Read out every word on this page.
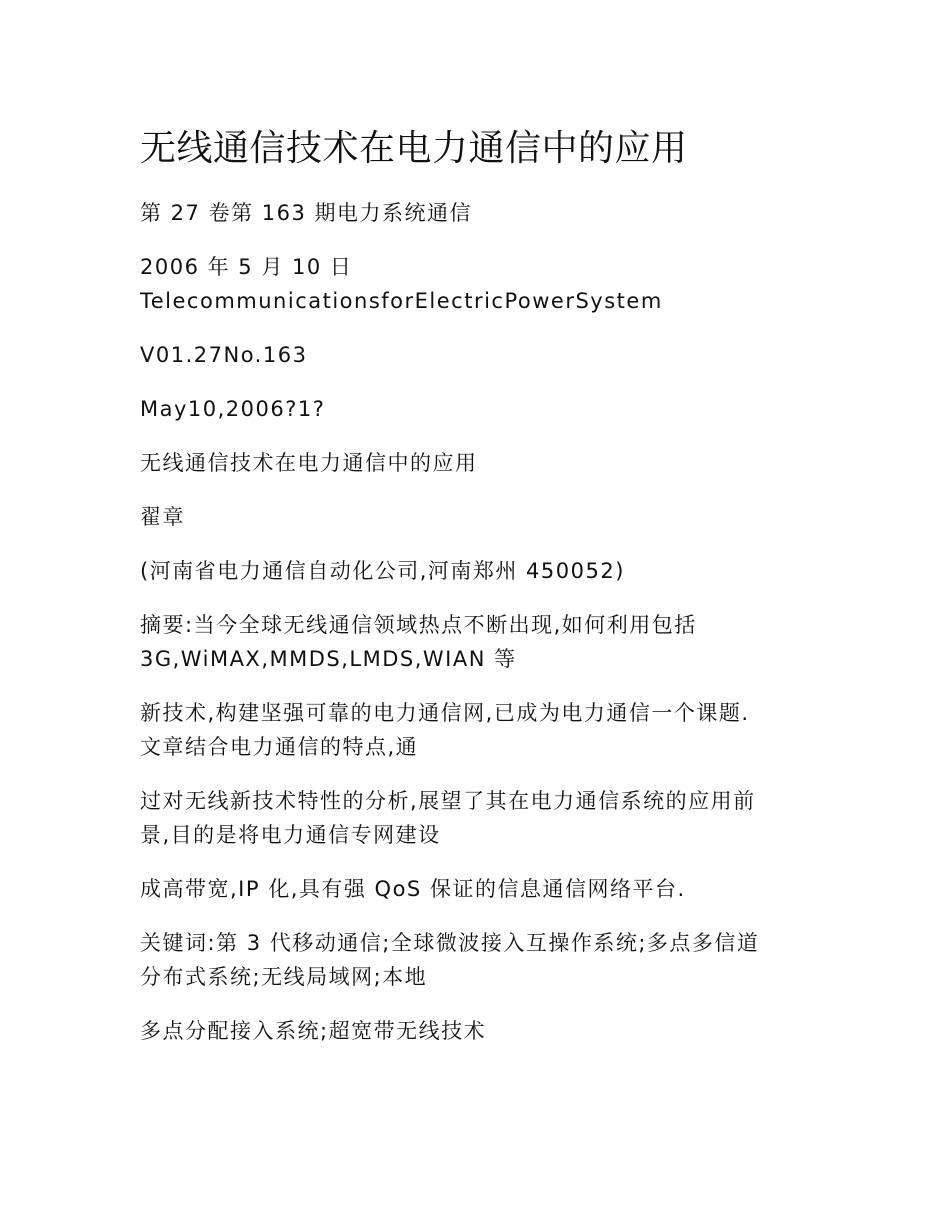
无线通信技术在电力通信中的应用

第 27 卷第 163 期电力系统通信

2006 年 5 月 10 日

TelecommunicationsforElectricPowerSystem

V01.27No.163

May10,2006?1?

无线通信技术在电力通信中的应用

翟章

(河南省电力通信自动化公司,河南郑州 450052)

摘要:当今全球无线通信领域热点不断出现,如何利用包括
3G,WiMAX,MMDS,LMDS,WIAN 等

新技术,构建坚强可靠的电力通信网,已成为电力通信一个课题.
文章结合电力通信的特点,通

过对无线新技术特性的分析,展望了其在电力通信系统的应用前
景,目的是将电力通信专网建设

成高带宽,IP 化,具有强 QoS 保证的信息通信网络平台.

关键词:第 3 代移动通信;全球微波接入互操作系统;多点多信道
分布式系统;无线局域网;本地

多点分配接入系统;超宽带无线技术
